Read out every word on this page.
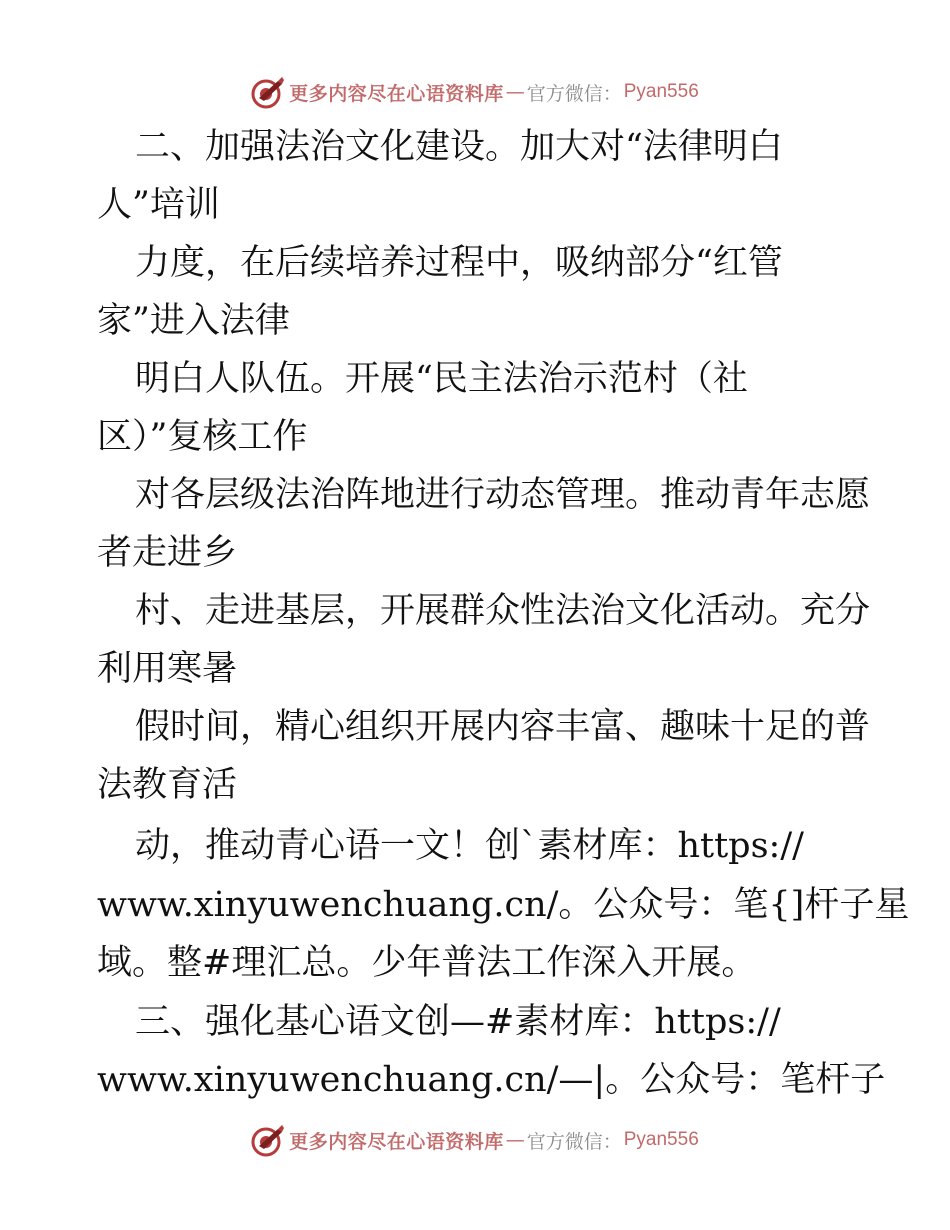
更多内容尽在心语资料库 — 官方微信： Pyan556
二、加强法治文化建设。加大对“法律明白
人”培训
力度，在后续培养过程中，吸纳部分“红管
家”进入法律
明白人队伍。开展“民主法治示范村（社
区）”复核工作
对各层级法治阵地进行动态管理。推动青年志愿
者走进乡
村、走进基层，开展群众性法治文化活动。充分
利用寒暑
假时间，精心组织开展内容丰富、趣味十足的普
法教育活
动，推动青心语一文！创`素材库：https://
www.xinyuwenchuang.cn/。公众号：笔{]杆子星
域。整#理汇总。少年普法工作深入开展。
三、强化基心语文创—#素材库：https://
www.xinyuwenchuang.cn/—|。公众号：笔杆子
更多内容尽在心语资料库 — 官方微信： Pyan556
